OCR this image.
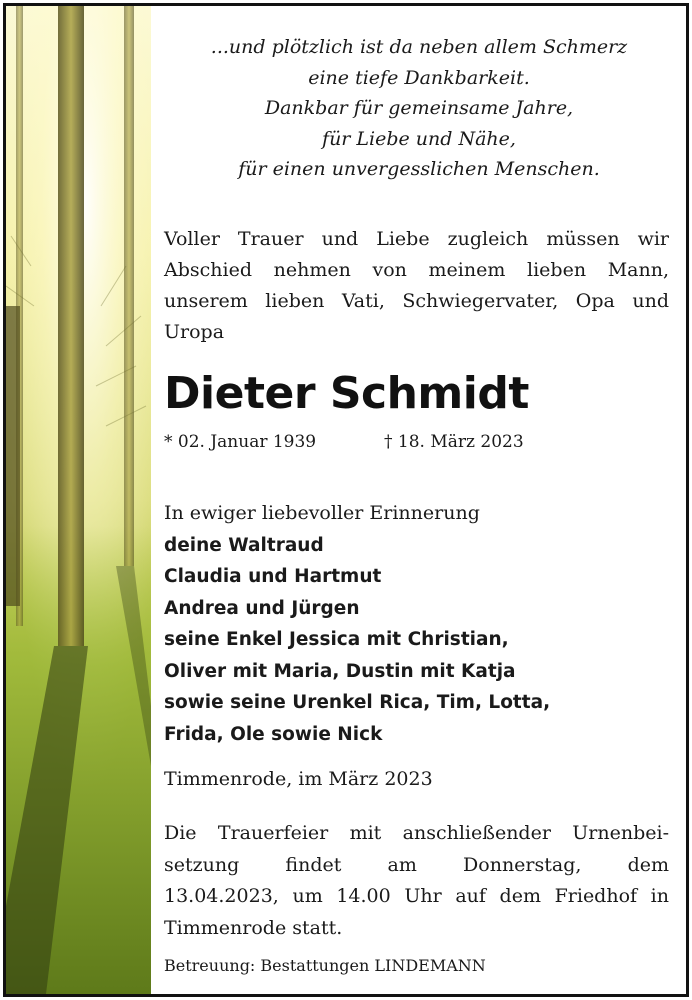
...und plötzlich ist da neben allem Schmerz
eine tiefe Dankbarkeit.
Dankbar für gemeinsame Jahre,
für Liebe und Nähe,
für einen unvergesslichen Menschen.
Voller Trauer und Liebe zugleich müssen wir
Abschied nehmen von meinem lieben Mann,
unserem lieben Vati, Schwiegervater, Opa und
Uropa
Dieter Schmidt
* 02. Januar 1939	† 18. März 2023
In ewiger liebevoller Erinnerung
deine Waltraud
Claudia und Hartmut
Andrea und Jürgen
seine Enkel Jessica mit Christian,
Oliver mit Maria, Dustin mit Katja
sowie seine Urenkel Rica, Tim, Lotta,
Frida, Ole sowie Nick
Timmenrode, im März 2023
Die Trauerfeier mit anschließender Urnenbei-
setzung findet am Donnerstag, dem
13.04.2023, um 14.00 Uhr auf dem Friedhof in
Timmenrode statt.
Betreuung: Bestattungen LINDEMANN
